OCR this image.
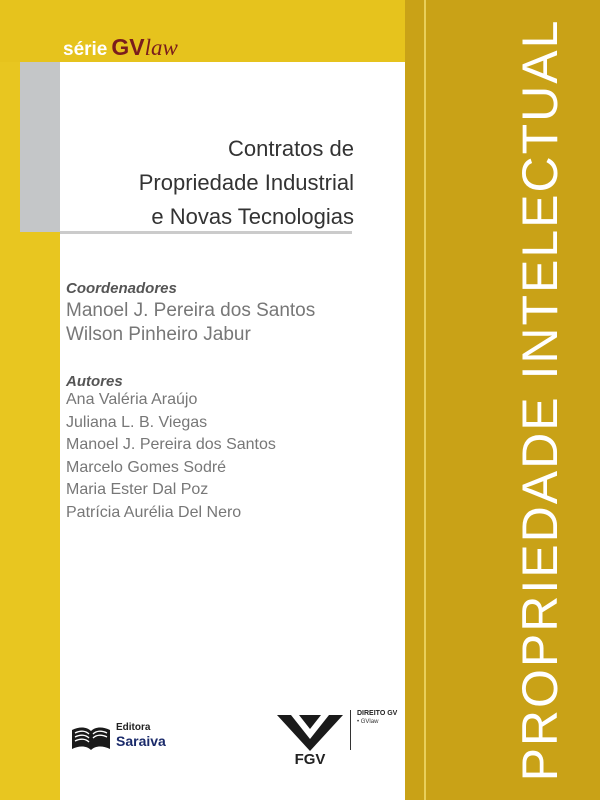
série GVlaw
Contratos de
Propriedade Industrial
e Novas Tecnologias
Coordenadores
Manoel J. Pereira dos Santos
Wilson Pinheiro Jabur
Autores
Ana Valéria Araújo
Juliana L. B. Viegas
Manoel J. Pereira dos Santos
Marcelo Gomes Sodré
Maria Ester Dal Poz
Patrícia Aurélia Del Nero	PROPRIEDADE INTELECTUAL
Editora
Saraiva
FGV
DIREITO GV
• GVlaw
